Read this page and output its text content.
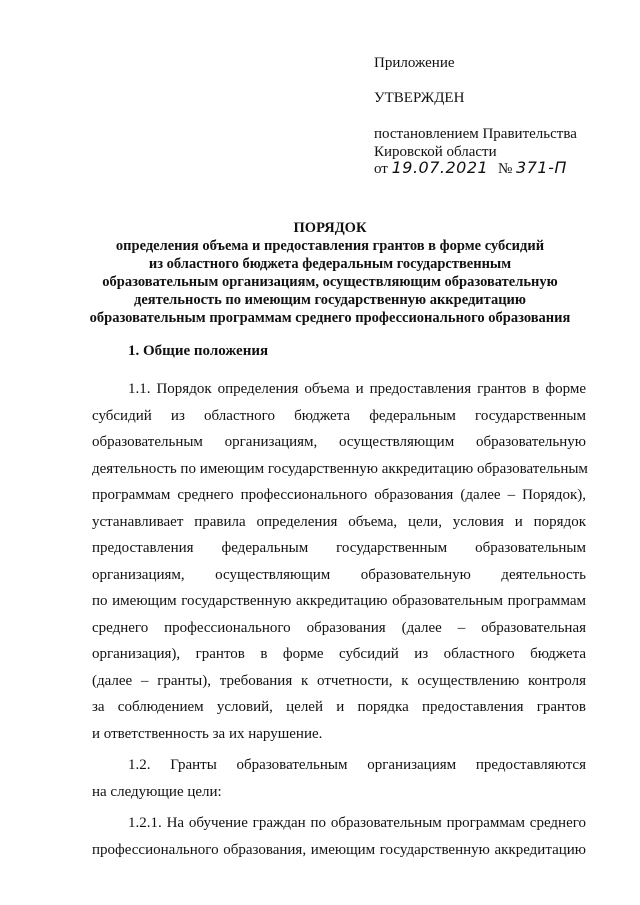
Приложение
УТВЕРЖДЕН
постановлением Правительства
Кировской области
от 19.07.2021 № 371-П
ПОРЯДОК
определения объема и предоставления грантов в форме субсидий
из областного бюджета федеральным государственным
образовательным организациям, осуществляющим образовательную
деятельность по имеющим государственную аккредитацию
образовательным программам среднего профессионального образования
1. Общие положения
1.1. Порядок определения объема и предоставления грантов в форме
субсидий из областного бюджета федеральным государственным
образовательным организациям, осуществляющим образовательную
деятельность по имеющим государственную аккредитацию образовательным
программам среднего профессионального образования (далее – Порядок),
устанавливает правила определения объема, цели, условия и порядок
предоставления федеральным государственным образовательным
организациям, осуществляющим образовательную деятельность
по имеющим государственную аккредитацию образовательным программам
среднего профессионального образования (далее – образовательная
организация), грантов в форме субсидий из областного бюджета
(далее – гранты), требования к отчетности, к осуществлению контроля
за соблюдением условий, целей и порядка предоставления грантов
и ответственность за их нарушение.
1.2. Гранты образовательным организациям предоставляются
на следующие цели:
1.2.1. На обучение граждан по образовательным программам среднего
профессионального образования, имеющим государственную аккредитацию
